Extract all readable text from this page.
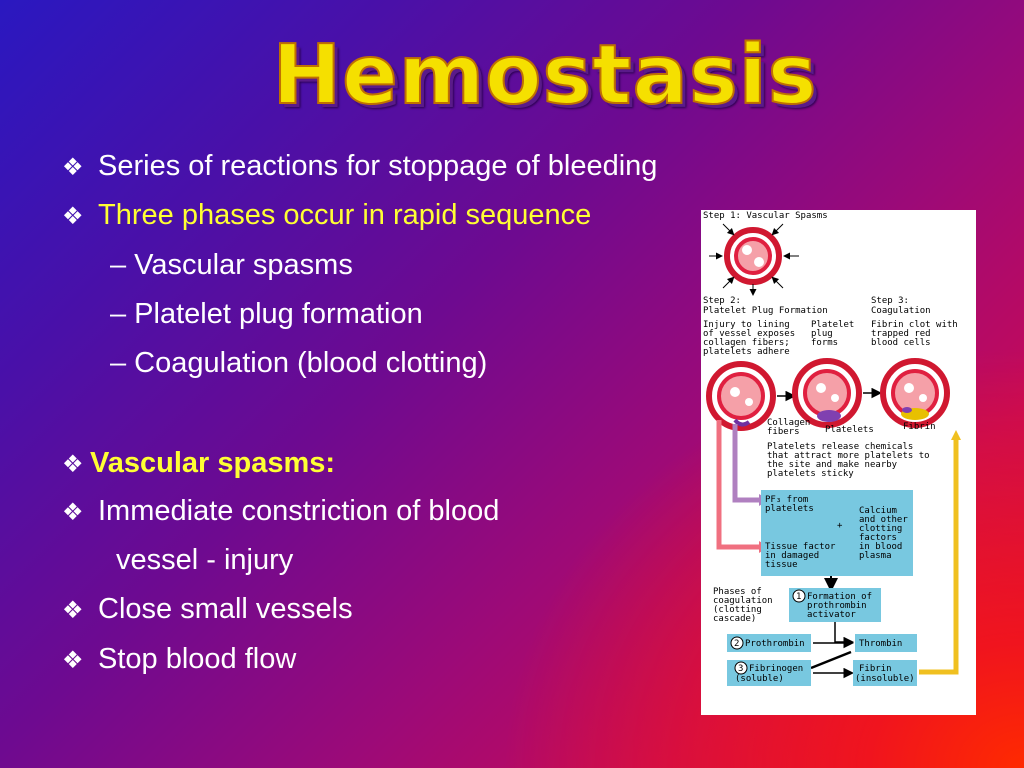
Hemostasis
❖ Series of reactions for stoppage of bleeding
❖ Three phases occur in rapid sequence
– Vascular spasms
– Platelet plug formation
– Coagulation (blood clotting)
❖ Vascular spasms:
❖ Immediate constriction of blood
vessel - injury
❖ Close small vessels
❖ Stop blood flow
Step 1: Vascular Spasms
Step 2:
Platelet Plug Formation
Step 3:
Coagulation
Injury to lining
of vessel exposes
collagen fibers;
platelets adhere
Platelet
plug
forms
Fibrin clot with
trapped red
blood cells
Collagen
fibers	Platelets	Fibrin
Platelets release chemicals
that attract more platelets to
the site and make nearby
platelets sticky
PF₃ from
platelets
Tissue factor
in damaged
tissue
+
Calcium
and other
clotting
factors
in blood
plasma
Phases of
coagulation
(clotting
cascade)
1 Formation of
prothrombin
activator
2 Prothrombin	Thrombin
3 Fibrinogen
(soluble)
Fibrin
(insoluble)
